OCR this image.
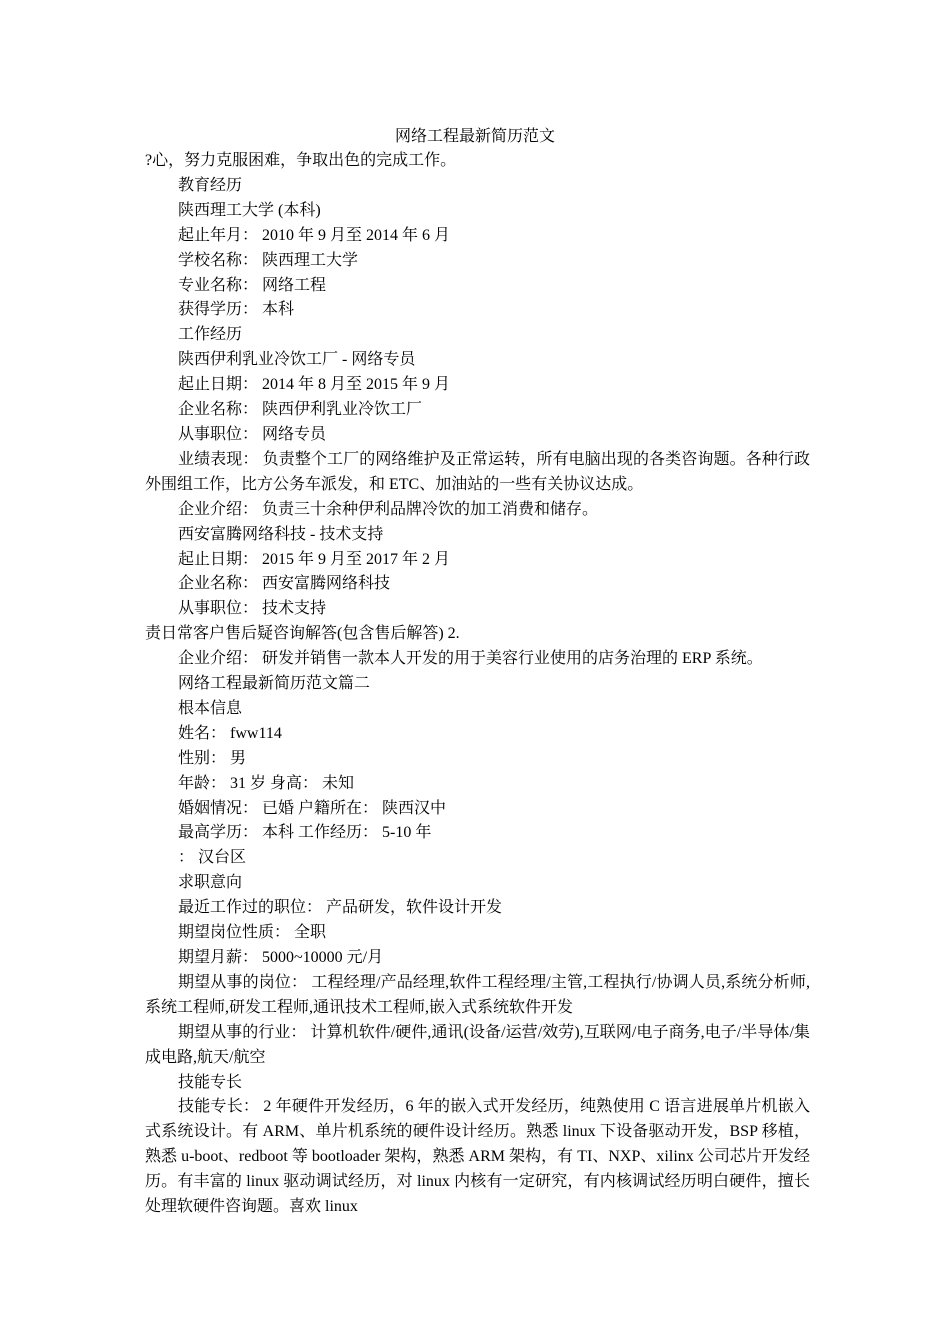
网络工程最新简历范文

?心，努力克服困难，争取出色的完成工作。

教育经历

陕西理工大学 (本科)

起止年月： 2010 年 9 月至 2014 年 6 月

学校名称： 陕西理工大学

专业名称： 网络工程

获得学历： 本科

工作经历

陕西伊利乳业冷饮工厂 - 网络专员

起止日期： 2014 年 8 月至 2015 年 9 月

企业名称： 陕西伊利乳业冷饮工厂

从事职位： 网络专员

业绩表现： 负责整个工厂的网络维护及正常运转，所有电脑出现的各类咨询题。各种行政外围组工作，比方公务车派发，和 ETC、加油站的一些有关协议达成。

企业介绍： 负责三十余种伊利品牌冷饮的加工消费和储存。

西安富腾网络科技 - 技术支持

起止日期： 2015 年 9 月至 2017 年 2 月

企业名称： 西安富腾网络科技

从事职位： 技术支持

责日常客户售后疑咨询解答(包含售后解答) 2.

企业介绍： 研发并销售一款本人开发的用于美容行业使用的店务治理的 ERP 系统。

网络工程最新简历范文篇二

根本信息

姓名： fww114

性别： 男

年龄： 31 岁 身高： 未知

婚姻情况： 已婚 户籍所在： 陕西汉中

最高学历： 本科 工作经历： 5-10 年

： 汉台区

求职意向

最近工作过的职位： 产品研发，软件设计开发

期望岗位性质： 全职

期望月薪： 5000~10000 元/月

期望从事的岗位： 工程经理/产品经理,软件工程经理/主管,工程执行/协调人员,系统分析师,系统工程师,研发工程师,通讯技术工程师,嵌入式系统软件开发

期望从事的行业： 计算机软件/硬件,通讯(设备/运营/效劳),互联网/电子商务,电子/半导体/集成电路,航天/航空

技能专长

技能专长： 2 年硬件开发经历，6 年的嵌入式开发经历，纯熟使用 C 语言进展单片机嵌入式系统设计。有 ARM、单片机系统的硬件设计经历。熟悉 linux 下设备驱动开发，BSP 移植，熟悉 u-boot、redboot 等 bootloader 架构，熟悉 ARM 架构，有 TI、NXP、xilinx 公司芯片开发经历。有丰富的 linux 驱动调试经历，对 linux 内核有一定研究，有内核调试经历明白硬件，擅长处理软硬件咨询题。喜欢 linux
